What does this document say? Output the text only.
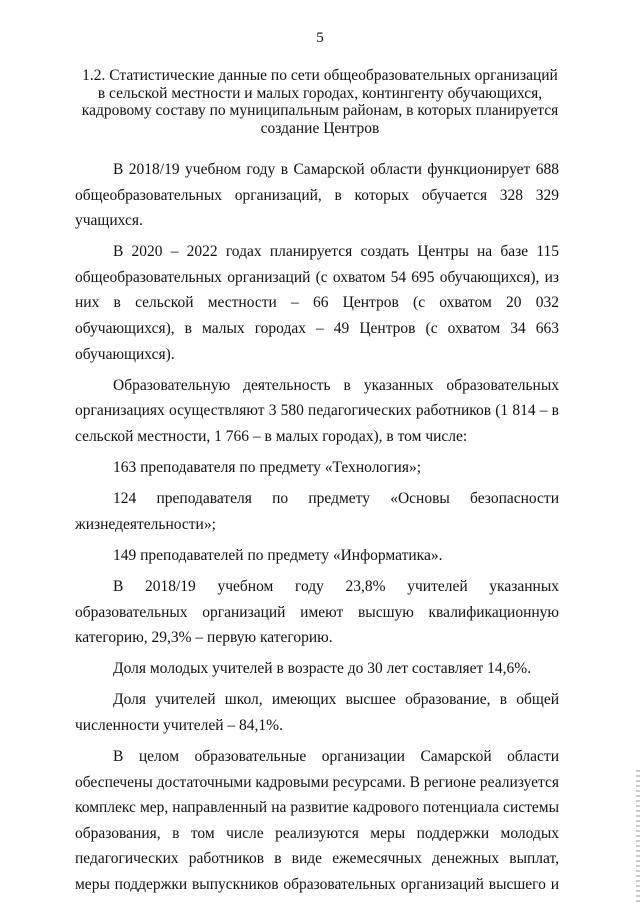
5
1.2. Статистические данные по сети общеобразовательных организаций
в сельской местности и малых городах, контингенту обучающихся,
кадровому составу по муниципальным районам, в которых планируется
создание Центров

В 2018/19 учебном году в Самарской области функционирует 688 общеобразовательных организаций, в которых обучается 328 329 учащихся.

В 2020 – 2022 годах планируется создать Центры на базе 115 общеобразовательных организаций (с охватом 54 695 обучающихся), из них в сельской местности – 66 Центров (с охватом 20 032 обучающихся), в малых городах – 49 Центров (с охватом 34 663 обучающихся).

Образовательную деятельность в указанных образовательных организациях осуществляют 3 580 педагогических работников (1 814 – в сельской местности, 1 766 – в малых городах), в том числе:

163 преподавателя по предмету «Технология»;

124 преподавателя по предмету «Основы безопасности жизнедеятельности»;

149 преподавателей по предмету «Информатика».

В 2018/19 учебном году 23,8% учителей указанных образовательных организаций имеют высшую квалификационную категорию, 29,3% – первую категорию.

Доля молодых учителей в возрасте до 30 лет составляет 14,6%.

Доля учителей школ, имеющих высшее образование, в общей численности учителей – 84,1%.

В целом образовательные организации Самарской области обеспечены достаточными кадровыми ресурсами. В регионе реализуется комплекс мер, направленный на развитие кадрового потенциала системы образования, в том числе реализуются меры поддержки молодых педагогических работников в виде ежемесячных денежных выплат, меры поддержки выпускников образовательных организаций высшего и
